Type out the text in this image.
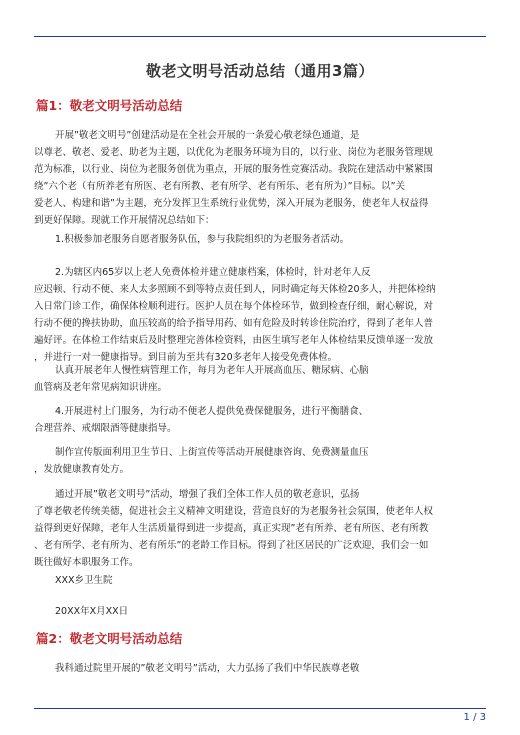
敬老文明号活动总结（通用3篇）
篇1：敬老文明号活动总结

开展”敬老文明号”创建活动是在全社会开展的一条爱心敬老绿色通道，是
以尊老、敬老、爱老、助老为主题，以优化为老服务环境为目的，以行业、岗位为老服务管理规
范为标准，以行业、岗位为老服务创优为重点，开展的服务性竞赛活动。我院在建活动中紧紧围
绕”六个老（有所养老有所医、老有所教、老有所学、老有所乐、老有所为）”目标。以”关
爱老人、构建和谐”为主题，充分发挥卫生系统行业优势，深入开展为老服务，使老年人权益得
到更好保障。现就工作开展情况总结如下：

1.积极参加老服务自愿者服务队伍，参与我院组织的为老服务者活动。

2.为辖区内65岁以上老人免费体检并建立健康档案，体检时，针对老年人反
应迟顿、行动不便、来人太多照顾不到等特点责任到人，同时确定每天体检20多人，并把体检纳
入日常门诊工作，确保体检顺利进行。医护人员在每个体检环节，做到检查仔细，耐心解说，对
行动不便的搀扶协助，血压较高的给予指导用药、如有危险及时转诊住院治疗，得到了老年人普
遍好评。在体检工作结束后及时整理完善体检资料，由医生填写老年人体检结果反馈单逐一发放
，并进行一对一健康指导。到目前为至共有320多老年人接受免费体检。

认真开展老年人慢性病管理工作，每月为老年人开展高血压、糖尿病、心脑
血管病及老年常见病知识讲座。

4.开展进村上门服务，为行动不便老人提供免费保健服务，进行平衡膳食、
合理营养、戒烟限酒等健康指导。

制作宣传版面利用卫生节日、上街宣传等活动开展健康咨询、免费测量血压
，发放健康教育处方。

通过开展”敬老文明号”活动，增强了我们全体工作人员的敬老意识，弘扬
了尊老敬老传统美德，促进社会主义精神文明建设，营造良好的为老服务社会氛围，使老年人权
益得到更好保障，老年人生活质量得到进一步提高，真正实现”老有所养、老有所医、老有所教
、老有所学、老有所为、老有所乐”的老龄工作目标。得到了社区居民的广泛欢迎，我们会一如
既往做好本职服务工作。

XXX乡卫生院

20XX年X月XX日

篇2：敬老文明号活动总结

我科通过院里开展的”敬老文明号”活动，大力弘扬了我们中华民族尊老敬

1 / 3
